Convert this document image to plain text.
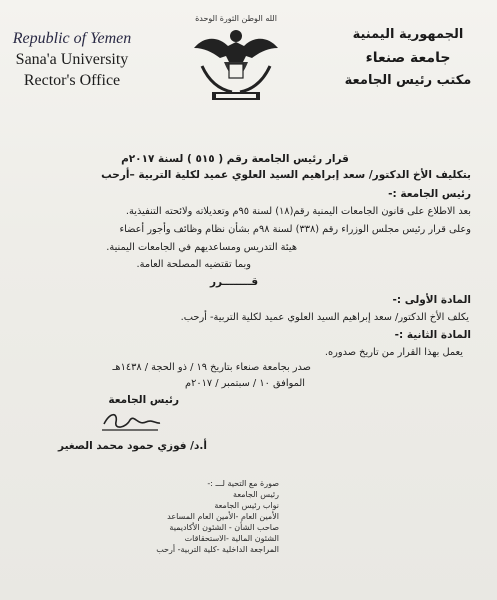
Republic of Yemen
Sana'a University
Rector's Office
الله الوطن الثورة الوحدة
الجمهورية اليمنية
جامعة صنعاء
مكتب رئيس الجامعة
قرار رئيس الجامعة رقم ( ٥١٥ ) لسنة ٢٠١٧م
بتكليف الأخ الدكتور/ سعد إبراهيم السيد العلوي عميد لكلية التربية –أرحب
رئيس الجامعة :-
بعد الاطلاع على قانون الجامعات اليمنية رقم(١٨) لسنة ٩٥م وتعديلاته ولائحته التنفيذية.
وعلى قرار رئيس مجلس الوزراء رقم (٣٣٨) لسنة ٩٨م بشأن نظام وظائف وأجور أعضاء
هيئة التدريس ومساعديهم في الجامعات اليمنية.
وبما تقتضيه المصلحة العامة.
قــــــــرر
المادة الأولى :-
يكلف الأخ الدكتور/ سعد إبراهيم السيد العلوي عميد لكلية التربية- أرحب.
المادة الثانية :-
يعمل بهذا القرار من تاريخ صدوره.
صدر بجامعة صنعاء بتاريخ ١٩ / ذو الحجة / ١٤٣٨هـ
الموافق ١٠ / سبتمبر / ٢٠١٧م
رئيس الجامعة
أ.د/ فوزي حمود محمد الصغير
صورة مع التحية لـــ :-
رئيس الجامعة
نواب رئيس الجامعة
الأمين العام -الأمين العام المساعد
صاحب الشأن - الشئون الأكاديمية
الشئون المالية -الاستحقاقات
المراجعة الداخلية -كلية التربية- أرحب
